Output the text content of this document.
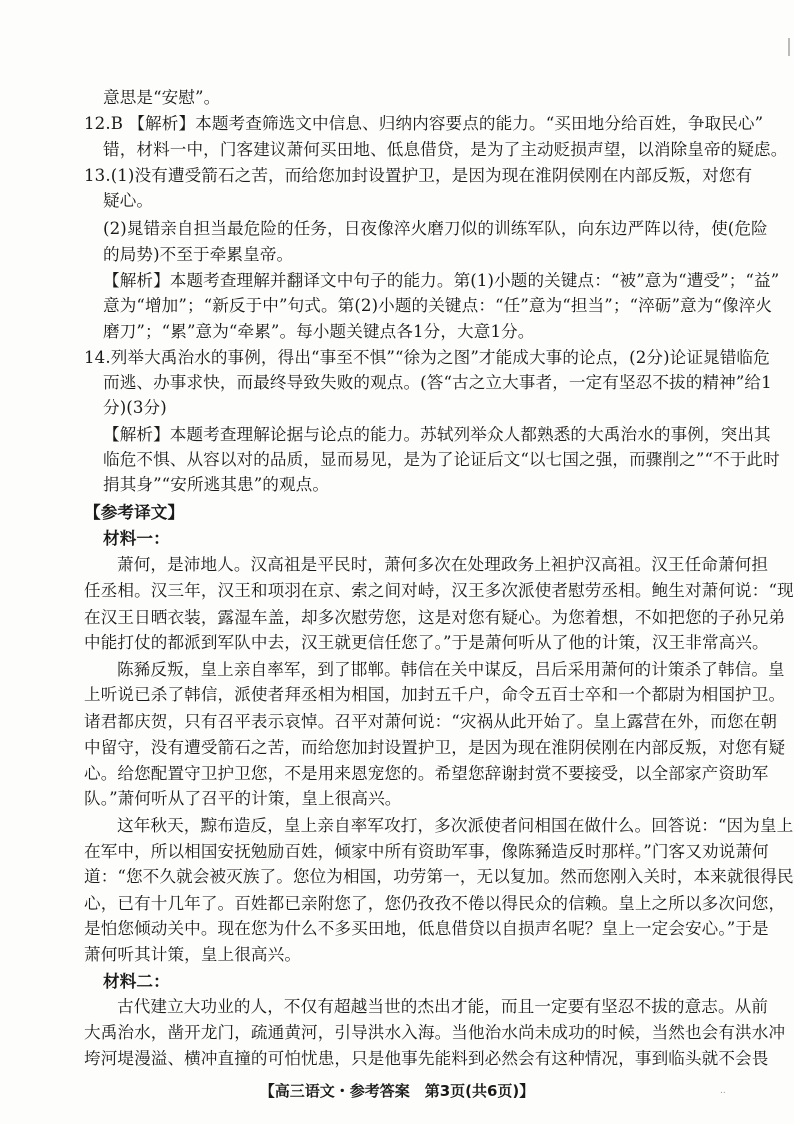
意思是“安慰”。
12.B 【解析】本题考查筛选文中信息、归纳内容要点的能力。“买田地分给百姓，争取民心”
错，材料一中，门客建议萧何买田地、低息借贷，是为了主动贬损声望，以消除皇帝的疑虑。
13.(1)没有遭受箭石之苦，而给您加封设置护卫，是因为现在淮阴侯刚在内部反叛，对您有
疑心。
(2)晁错亲自担当最危险的任务，日夜像淬火磨刀似的训练军队，向东边严阵以待，使(危险
的局势)不至于牵累皇帝。
【解析】本题考查理解并翻译文中句子的能力。第(1)小题的关键点：“被”意为“遭受”；“益”
意为“增加”；“新反于中”句式。第(2)小题的关键点：“任”意为“担当”；“淬砺”意为“像淬火
磨刀”；“累”意为“牵累”。每小题关键点各1分，大意1分。
14.列举大禹治水的事例，得出“事至不惧”“徐为之图”才能成大事的论点，(2分)论证晁错临危
而逃、办事求快，而最终导致失败的观点。(答“古之立大事者，一定有坚忍不拔的精神”给1
分)(3分)
【解析】本题考查理解论据与论点的能力。苏轼列举众人都熟悉的大禹治水的事例，突出其
临危不惧、从容以对的品质，显而易见，是为了论证后文“以七国之强，而骤削之”“不于此时
捐其身”“安所逃其患”的观点。
【参考译文】
材料一：
萧何，是沛地人。汉高祖是平民时，萧何多次在处理政务上袒护汉高祖。汉王任命萧何担
任丞相。汉三年，汉王和项羽在京、索之间对峙，汉王多次派使者慰劳丞相。鲍生对萧何说：“现
在汉王日晒衣装，露湿车盖，却多次慰劳您，这是对您有疑心。为您着想，不如把您的子孙兄弟
中能打仗的都派到军队中去，汉王就更信任您了。”于是萧何听从了他的计策，汉王非常高兴。
陈豨反叛，皇上亲自率军，到了邯郸。韩信在关中谋反，吕后采用萧何的计策杀了韩信。皇
上听说已杀了韩信，派使者拜丞相为相国，加封五千户，命令五百士卒和一个都尉为相国护卫。
诸君都庆贺，只有召平表示哀悼。召平对萧何说：“灾祸从此开始了。皇上露营在外，而您在朝
中留守，没有遭受箭石之苦，而给您加封设置护卫，是因为现在淮阴侯刚在内部反叛，对您有疑
心。给您配置守卫护卫您，不是用来恩宠您的。希望您辞谢封赏不要接受，以全部家产资助军
队。”萧何听从了召平的计策，皇上很高兴。
这年秋天，黥布造反，皇上亲自率军攻打，多次派使者问相国在做什么。回答说：“因为皇上
在军中，所以相国安抚勉励百姓，倾家中所有资助军事，像陈豨造反时那样。”门客又劝说萧何
道：“您不久就会被灭族了。您位为相国，功劳第一，无以复加。然而您刚入关时，本来就很得民
心，已有十几年了。百姓都已亲附您了，您仍孜孜不倦以得民众的信赖。皇上之所以多次问您，
是怕您倾动关中。现在您为什么不多买田地，低息借贷以自损声名呢？皇上一定会安心。”于是
萧何听其计策，皇上很高兴。
【高三语文・参考答案　第3页(共6页)】	..
材料二：
古代建立大功业的人，不仅有超越当世的杰出才能，而且一定要有坚忍不拔的意志。从前
大禹治水，凿开龙门，疏通黄河，引导洪水入海。当他治水尚未成功的时候，当然也会有洪水冲
垮河堤漫溢、横冲直撞的可怕忧患，只是他事先能料到必然会有这种情况，事到临头就不会畏
